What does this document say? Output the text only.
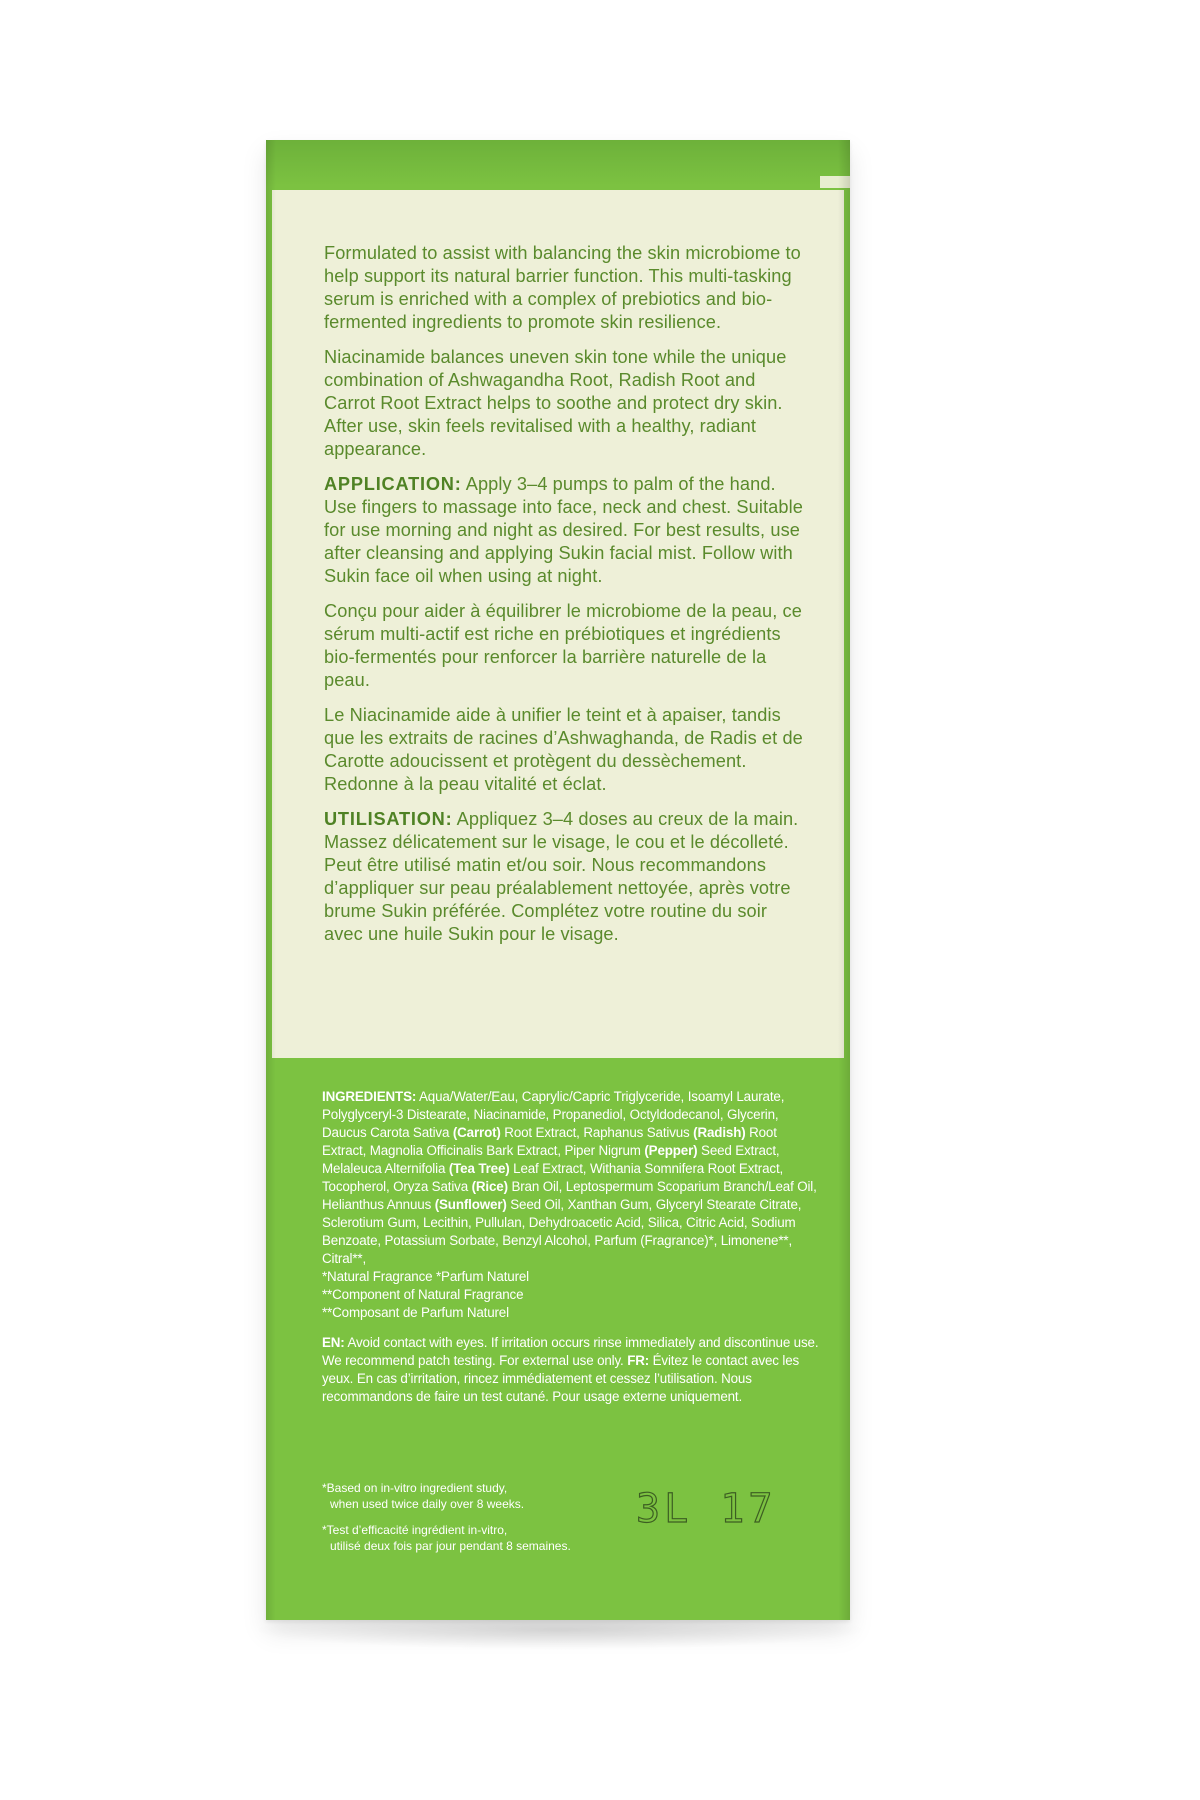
Formulated to assist with balancing the skin microbiome to help support its natural barrier function. This multi-tasking serum is enriched with a complex of prebiotics and bio-fermented ingredients to promote skin resilience.

Niacinamide balances uneven skin tone while the unique combination of Ashwagandha Root, Radish Root and Carrot Root Extract helps to soothe and protect dry skin. After use, skin feels revitalised with a healthy, radiant appearance.

APPLICATION: Apply 3–4 pumps to palm of the hand. Use fingers to massage into face, neck and chest. Suitable for use morning and night as desired. For best results, use after cleansing and applying Sukin facial mist. Follow with Sukin face oil when using at night.

Conçu pour aider à équilibrer le microbiome de la peau, ce sérum multi-actif est riche en prébiotiques et ingrédients bio-fermentés pour renforcer la barrière naturelle de la peau.

Le Niacinamide aide à unifier le teint et à apaiser, tandis que les extraits de racines d’Ashwaghanda, de Radis et de Carotte adoucissent et protègent du dessèchement. Redonne à la peau vitalité et éclat.

UTILISATION: Appliquez 3–4 doses au creux de la main. Massez délicatement sur le visage, le cou et le décolleté. Peut être utilisé matin et/ou soir. Nous recommandons d’appliquer sur peau préalablement nettoyée, après votre brume Sukin préférée. Complétez votre routine du soir avec une huile Sukin pour le visage.

INGREDIENTS: Aqua/Water/Eau, Caprylic/Capric Triglyceride, Isoamyl Laurate, Polyglyceryl-3 Distearate, Niacinamide, Propanediol, Octyldodecanol, Glycerin, Daucus Carota Sativa (Carrot) Root Extract, Raphanus Sativus (Radish) Root Extract, Magnolia Officinalis Bark Extract, Piper Nigrum (Pepper) Seed Extract, Melaleuca Alternifolia (Tea Tree) Leaf Extract, Withania Somnifera Root Extract, Tocopherol, Oryza Sativa (Rice) Bran Oil, Leptospermum Scoparium Branch/Leaf Oil, Helianthus Annuus (Sunflower) Seed Oil, Xanthan Gum, Glyceryl Stearate Citrate, Sclerotium Gum, Lecithin, Pullulan, Dehydroacetic Acid, Silica, Citric Acid, Sodium Benzoate, Potassium Sorbate, Benzyl Alcohol, Parfum (Fragrance)*, Limonene**, Citral**,

*Natural Fragrance *Parfum Naturel

**Component of Natural Fragrance

**Composant de Parfum Naturel

EN: Avoid contact with eyes. If irritation occurs rinse immediately and discontinue use. We recommend patch testing. For external use only. FR: Évitez le contact avec les yeux. En cas d’irritation, rincez immédiatement et cessez l’utilisation. Nous recommandons de faire un test cutané. Pour usage externe uniquement.

*Based on in-vitro ingredient study,
when used twice daily over 8 weeks.

*Test d’efficacité ingrédient in-vitro,
utilisé deux fois par jour pendant 8 semaines.

3L 17
